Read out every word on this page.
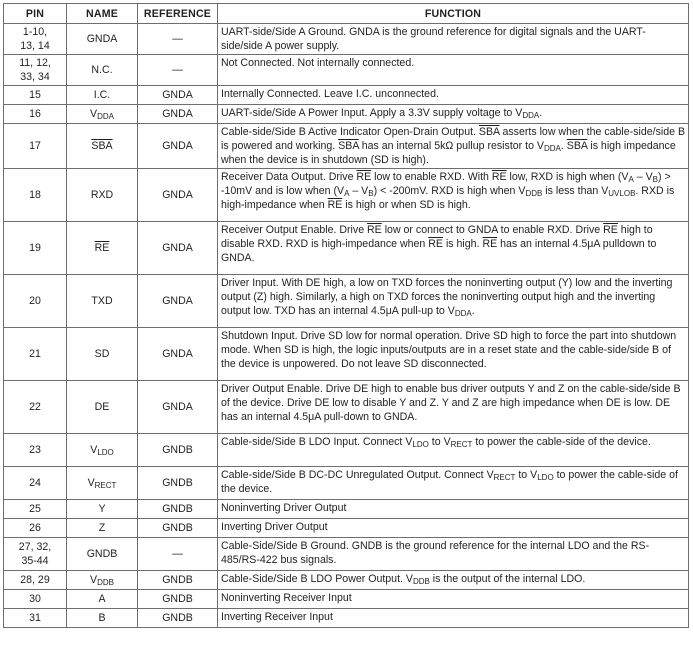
PIN	NAME	REFERENCE	FUNCTION

1-10,
13, 14	GNDA	—	UART-side/Side A Ground. GNDA is the ground reference for digital signals and the UART-side/side A power supply.

11, 12,
33, 34	N.C.	—	Not Connected. Not internally connected.

15	I.C.	GNDA	Internally Connected. Leave I.C. unconnected.

16	$V_{DDA}$	GNDA	UART-side/Side A Power Input. Apply a 3.3V supply voltage to $V_{DDA}$.

17	$\overline{SBA}$	GNDA	Cable-side/Side B Active Indicator Open-Drain Output. $\overline{SBA}$ asserts low when the cable-side/side B is powered and working. $\overline{SBA}$ has an internal 5kΩ pullup resistor to $V_{DDA}$. $\overline{SBA}$ is high impedance when the device is in shutdown (SD is high).

18	RXD	GNDA	Receiver Data Output. Drive $\overline{RE}$ low to enable RXD. With $\overline{RE}$ low, RXD is high when $(V_A - V_B) > -10mV$ and is low when $(V_A - V_B) < -200mV$. RXD is high when $V_{DDB}$ is less than $V_{UVLOB}$. RXD is high-impedance when $\overline{RE}$ is high or when SD is high.

19	$\overline{RE}$	GNDA	Receiver Output Enable. Drive $\overline{RE}$ low or connect to GNDA to enable RXD. Drive $\overline{RE}$ high to disable RXD. RXD is high-impedance when $\overline{RE}$ is high. $\overline{RE}$ has an internal 4.5μA pulldown to GNDA.

20	TXD	GNDA	Driver Input. With DE high, a low on TXD forces the noninverting output (Y) low and the inverting output (Z) high. Similarly, a high on TXD forces the noninverting output high and the inverting output low. TXD has an internal 4.5μA pull-up to $V_{DDA}$.

21	SD	GNDA	Shutdown Input. Drive SD low for normal operation. Drive SD high to force the part into shutdown mode. When SD is high, the logic inputs/outputs are in a reset state and the cable-side/side B of the device is unpowered. Do not leave SD disconnected.

22	DE	GNDA	Driver Output Enable. Drive DE high to enable bus driver outputs Y and Z on the cable-side/side B of the device. Drive DE low to disable Y and Z. Y and Z are high impedance when DE is low. DE has an internal 4.5μA pull-down to GNDA.

23	$V_{LDO}$	GNDB	Cable-side/Side B LDO Input. Connect $V_{LDO}$ to $V_{RECT}$ to power the cable-side of the device.

24	$V_{RECT}$	GNDB	Cable-side/Side B DC-DC Unregulated Output. Connect $V_{RECT}$ to $V_{LDO}$ to power the cable-side of the device.

25	Y	GNDB	Noninverting Driver Output

26	Z	GNDB	Inverting Driver Output

27, 32,
35-44	GNDB	—	Cable-Side/Side B Ground. GNDB is the ground reference for the internal LDO and the RS-485/RS-422 bus signals.

28, 29	$V_{DDB}$	GNDB	Cable-Side/Side B LDO Power Output. $V_{DDB}$ is the output of the internal LDO.

30	A	GNDB	Noninverting Receiver Input

31	B	GNDB	Inverting Receiver Input
